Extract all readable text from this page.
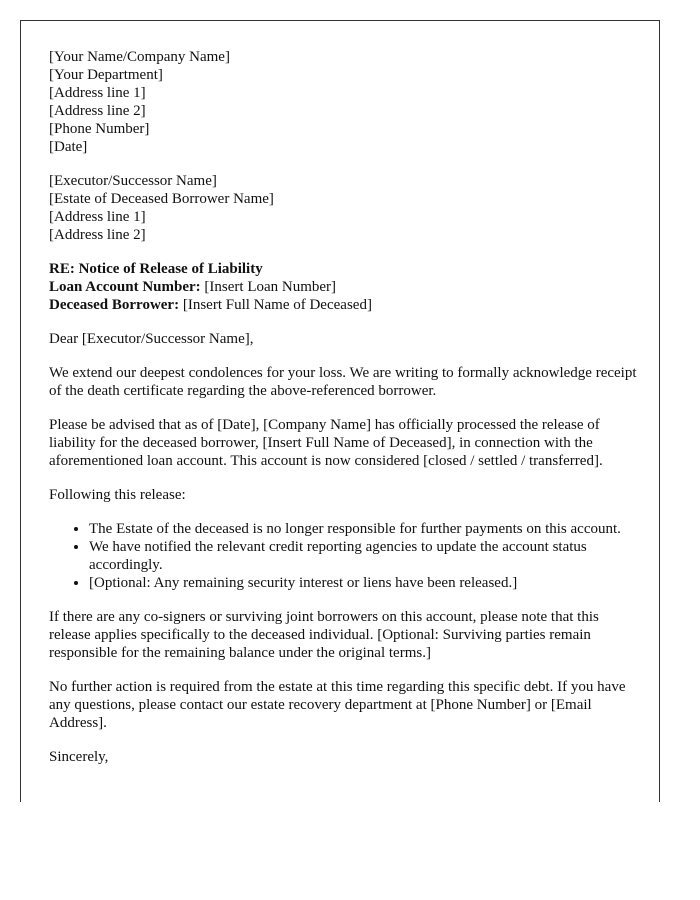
[Your Name/Company Name]
[Your Department]
[Address line 1]
[Address line 2]
[Phone Number]
[Date]
[Executor/Successor Name]
[Estate of Deceased Borrower Name]
[Address line 1]
[Address line 2]
RE: Notice of Release of Liability
Loan Account Number: [Insert Loan Number]
Deceased Borrower: [Insert Full Name of Deceased]

Dear [Executor/Successor Name],

We extend our deepest condolences for your loss. We are writing to formally acknowledge receipt of the death certificate regarding the above-referenced borrower.

Please be advised that as of [Date], [Company Name] has officially processed the release of liability for the deceased borrower, [Insert Full Name of Deceased], in connection with the aforementioned loan account. This account is now considered [closed / settled / transferred].

Following this release:

• The Estate of the deceased is no longer responsible for further payments on this account.
• We have notified the relevant credit reporting agencies to update the account status accordingly.
• [Optional: Any remaining security interest or liens have been released.]

If there are any co-signers or surviving joint borrowers on this account, please note that this release applies specifically to the deceased individual. [Optional: Surviving parties remain responsible for the remaining balance under the original terms.]

No further action is required from the estate at this time regarding this specific debt. If you have any questions, please contact our estate recovery department at [Phone Number] or [Email Address].

Sincerely,
